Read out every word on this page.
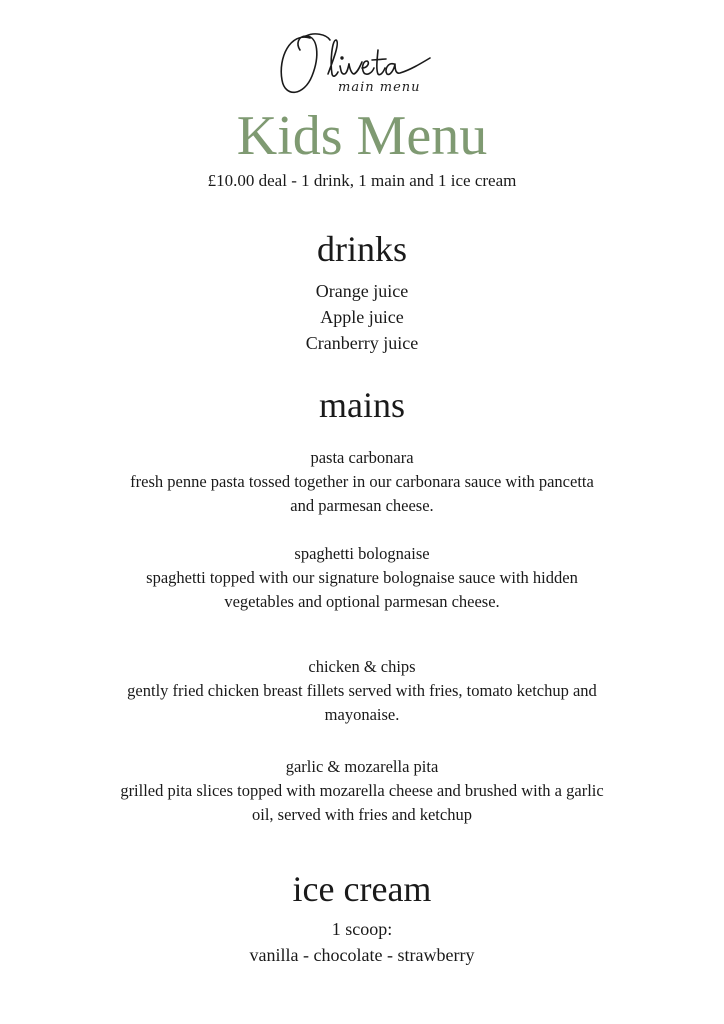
main menu
Kids Menu
£10.00 deal - 1 drink, 1 main and 1 ice cream
drinks
Orange juice
Apple juice
Cranberry juice
mains
pasta carbonara
fresh penne pasta tossed together in our carbonara sauce with pancetta and parmesan cheese.
spaghetti bolognaise
spaghetti topped with our signature bolognaise sauce with hidden vegetables and optional parmesan cheese.
chicken & chips
gently fried chicken breast fillets served with fries, tomato ketchup and mayonaise.
garlic & mozarella pita
grilled pita slices topped with mozarella cheese and brushed with a garlic oil, served with fries and ketchup
ice cream
1 scoop:
vanilla - chocolate - strawberry
